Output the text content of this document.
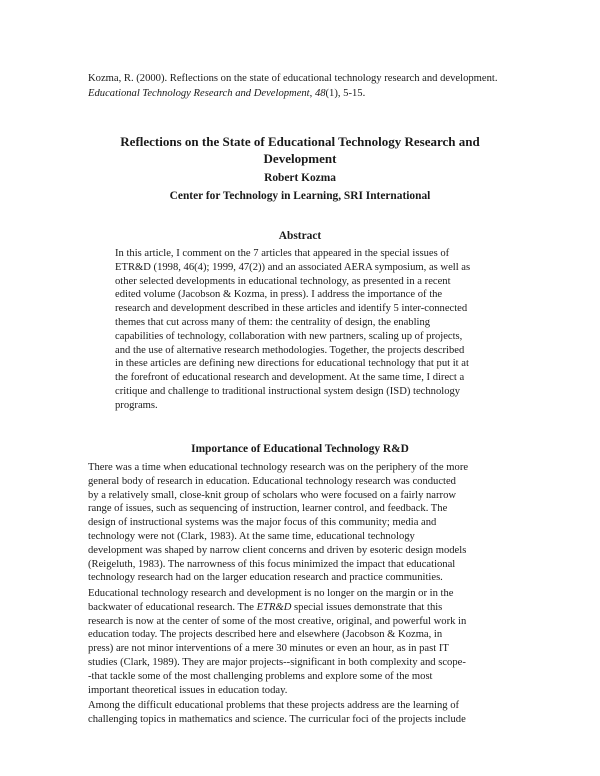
Kozma, R. (2000). Reflections on the state of educational technology research and development.
Educational Technology Research and Development, 48(1), 5-15.
Reflections on the State of Educational Technology Research and
Development
Robert Kozma
Center for Technology in Learning, SRI International
Abstract
In this article, I comment on the 7 articles that appeared in the special issues of
ETR&D (1998, 46(4); 1999, 47(2)) and an associated AERA symposium, as well as
other selected developments in educational technology, as presented in a recent
edited volume (Jacobson & Kozma, in press). I address the importance of the
research and development described in these articles and identify 5 inter-connected
themes that cut across many of them: the centrality of design, the enabling
capabilities of technology, collaboration with new partners, scaling up of projects,
and the use of alternative research methodologies. Together, the projects described
in these articles are defining new directions for educational technology that put it at
the forefront of educational research and development. At the same time, I direct a
critique and challenge to traditional instructional system design (ISD) technology
programs.
Importance of Educational Technology R&D
There was a time when educational technology research was on the periphery of the more
general body of research in education. Educational technology research was conducted
by a relatively small, close-knit group of scholars who were focused on a fairly narrow
range of issues, such as sequencing of instruction, learner control, and feedback. The
design of instructional systems was the major focus of this community; media and
technology were not (Clark, 1983). At the same time, educational technology
development was shaped by narrow client concerns and driven by esoteric design models
(Reigeluth, 1983). The narrowness of this focus minimized the impact that educational
technology research had on the larger education research and practice communities.
Educational technology research and development is no longer on the margin or in the
backwater of educational research. The ETR&D special issues demonstrate that this
research is now at the center of some of the most creative, original, and powerful work in
education today. The projects described here and elsewhere (Jacobson & Kozma, in
press) are not minor interventions of a mere 30 minutes or even an hour, as in past IT
studies (Clark, 1989). They are major projects--significant in both complexity and scope-
-that tackle some of the most challenging problems and explore some of the most
important theoretical issues in education today.
Among the difficult educational problems that these projects address are the learning of
challenging topics in mathematics and science. The curricular foci of the projects include
